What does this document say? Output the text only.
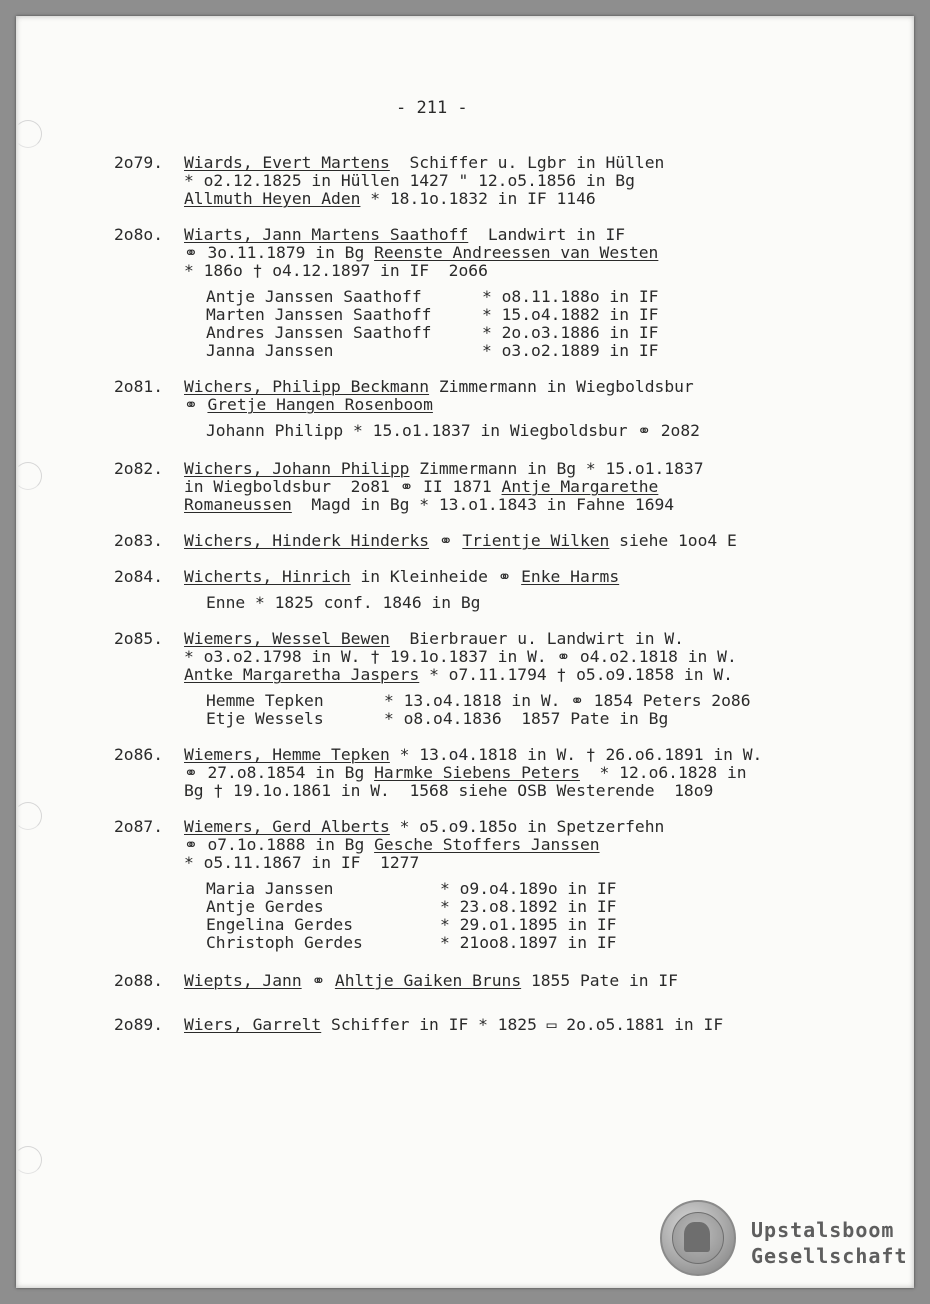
- 211 -
2o79.	Wiards, Evert Martens  Schiffer u. Lgbr in Hüllen
* o2.12.1825 in Hüllen 1427 " 12.o5.1856 in Bg
Allmuth Heyen Aden * 18.1o.1832 in IF 1146
2o8o.	Wiarts, Jann Martens Saathoff  Landwirt in IF
⚭ 3o.11.1879 in Bg Reenste Andreessen van Westen
* 186o † o4.12.1897 in IF  2o66
Antje Janssen Saathoff	* o8.11.188o in IF
Marten Janssen Saathoff	* 15.o4.1882 in IF
Andres Janssen Saathoff	* 2o.o3.1886 in IF
Janna Janssen	* o3.o2.1889 in IF
2o81.	Wichers, Philipp Beckmann Zimmermann in Wiegboldsbur
⚭ Gretje Hangen Rosenboom
Johann Philipp * 15.o1.1837 in Wiegboldsbur ⚭ 2o82
2o82.	Wichers, Johann Philipp Zimmermann in Bg * 15.o1.1837
in Wiegboldsbur  2o81 ⚭ II 1871 Antje Margarethe
Romaneussen  Magd in Bg * 13.o1.1843 in Fahne 1694
2o83.	Wichers, Hinderk Hinderks ⚭ Trientje Wilken siehe 1oo4 E
2o84.	Wicherts, Hinrich in Kleinheide ⚭ Enke Harms
Enne * 1825 conf. 1846 in Bg
2o85.	Wiemers, Wessel Bewen  Bierbrauer u. Landwirt in W.
* o3.o2.1798 in W. † 19.1o.1837 in W. ⚭ o4.o2.1818 in W.
Antke Margaretha Jaspers * o7.11.1794 † o5.o9.1858 in W.
Hemme Tepken	* 13.o4.1818 in W. ⚭ 1854 Peters 2o86
Etje Wessels	* o8.o4.1836  1857 Pate in Bg
2o86.	Wiemers, Hemme Tepken * 13.o4.1818 in W. † 26.o6.1891 in W.
⚭ 27.o8.1854 in Bg Harmke Siebens Peters  * 12.o6.1828 in
Bg † 19.1o.1861 in W.  1568 siehe OSB Westerende  18o9
2o87.	Wiemers, Gerd Alberts * o5.o9.185o in Spetzerfehn
⚭ o7.1o.1888 in Bg Gesche Stoffers Janssen
* o5.11.1867 in IF  1277
Maria Janssen	* o9.o4.189o in IF
Antje Gerdes	* 23.o8.1892 in IF
Engelina Gerdes	* 29.o1.1895 in IF
Christoph Gerdes	* 21oo8.1897 in IF
2o88.	Wiepts, Jann ⚭ Ahltje Gaiken Bruns 1855 Pate in IF
2o89.	Wiers, Garrelt Schiffer in IF * 1825 ▭ 2o.o5.1881 in IF
Upstalsboom
Gesellschaft
